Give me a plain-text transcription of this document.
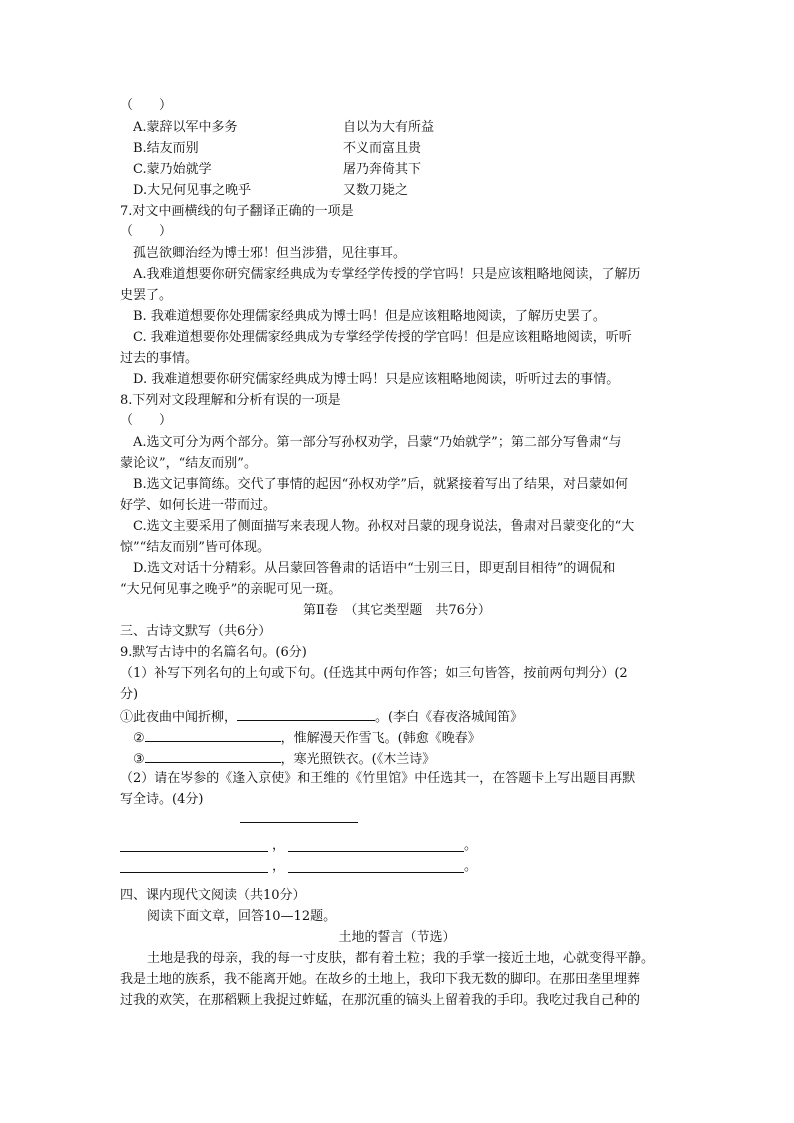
（　　）
A.蒙辞以军中多务	自以为大有所益
B.结友而别	不义而富且贵
C.蒙乃始就学	屠乃奔倚其下
D.大兄何见事之晚乎	又数刀毙之
7.对文中画横线的句子翻译正确的一项是
（　　）
孤岂欲卿治经为博士邪！但当涉猎，见往事耳。
A.我难道想要你研究儒家经典成为专掌经学传授的学官吗！只是应该粗略地阅读，了解历
史罢了。
B. 我难道想要你处理儒家经典成为博士吗！但是应该粗略地阅读，了解历史罢了。
C. 我难道想要你处理儒家经典成为专掌经学传授的学官吗！但是应该粗略地阅读，听听
过去的事情。
D. 我难道想要你研究儒家经典成为博士吗！只是应该粗略地阅读，听听过去的事情。
8.下列对文段理解和分析有误的一项是
（　　）
A.选文可分为两个部分。第一部分写孙权劝学，吕蒙“乃始就学”；第二部分写鲁肃“与
蒙论议”，“结友而别”。
B.选文记事简练。交代了事情的起因“孙权劝学”后，就紧接着写出了结果，对吕蒙如何
好学、如何长进一带而过。
C.选文主要采用了侧面描写来表现人物。孙权对吕蒙的现身说法，鲁肃对吕蒙变化的“大
惊”“结友而别”皆可体现。
D.选文对话十分精彩。从吕蒙回答鲁肃的话语中“士别三日，即更刮目相待”的调侃和
“大兄何见事之晚乎”的亲昵可见一斑。
第Ⅱ卷　（其它类型题　共76分）
三、古诗文默写（共6分）
9.默写古诗中的名篇名句。(6分)
（1）补写下列名句的上句或下句。(任选其中两句作答；如三句皆答，按前两句判分）(2
分)
①此夜曲中闻折柳，	。(李白《春夜洛城闻笛》
②	，惟解漫天作雪飞。(韩愈《晚春》
③	，寒光照铁衣。(《木兰诗》
（2）请在岑参的《逢入京使》和王维的《竹里馆》中任选其一，在答题卡上写出题目再默
写全诗。(4分)
，	。
，	。
四、课内现代文阅读（共10分）
阅读下面文章，回答10—12题。
土地的誓言（节选）
土地是我的母亲，我的每一寸皮肤，都有着土粒；我的手掌一接近土地，心就变得平静。
我是土地的族系，我不能离开她。在故乡的土地上，我印下我无数的脚印。在那田垄里埋葬
过我的欢笑，在那稻颗上我捉过蚱蜢，在那沉重的镐头上留着我的手印。我吃过我自己种的
